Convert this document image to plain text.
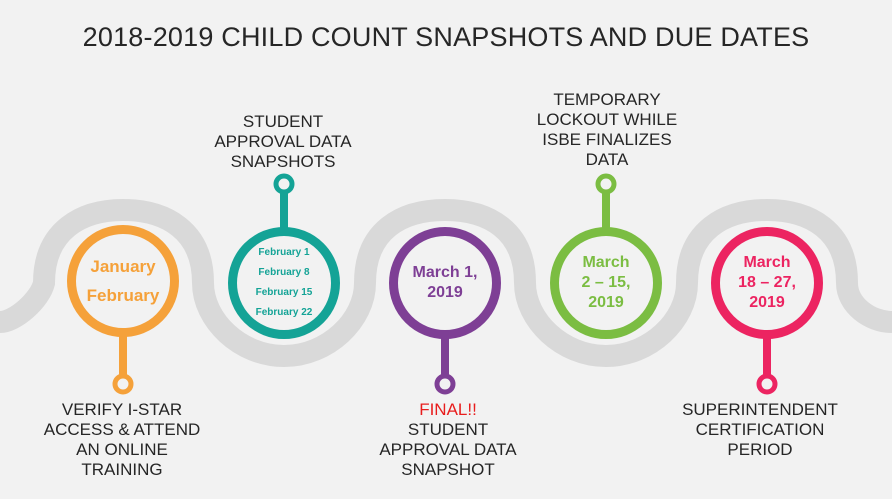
2018-2019 CHILD COUNT SNAPSHOTS AND DUE DATES
January
February
VERIFY I-STAR
ACCESS & ATTEND
AN ONLINE
TRAINING
February 1
February 8
February 15
February 22
STUDENT
APPROVAL DATA
SNAPSHOTS
March 1,
2019
FINAL!!
STUDENT
APPROVAL DATA
SNAPSHOT
March
2 – 15,
2019
TEMPORARY
LOCKOUT WHILE
ISBE FINALIZES
DATA
March
18 – 27,
2019
SUPERINTENDENT
CERTIFICATION
PERIOD
